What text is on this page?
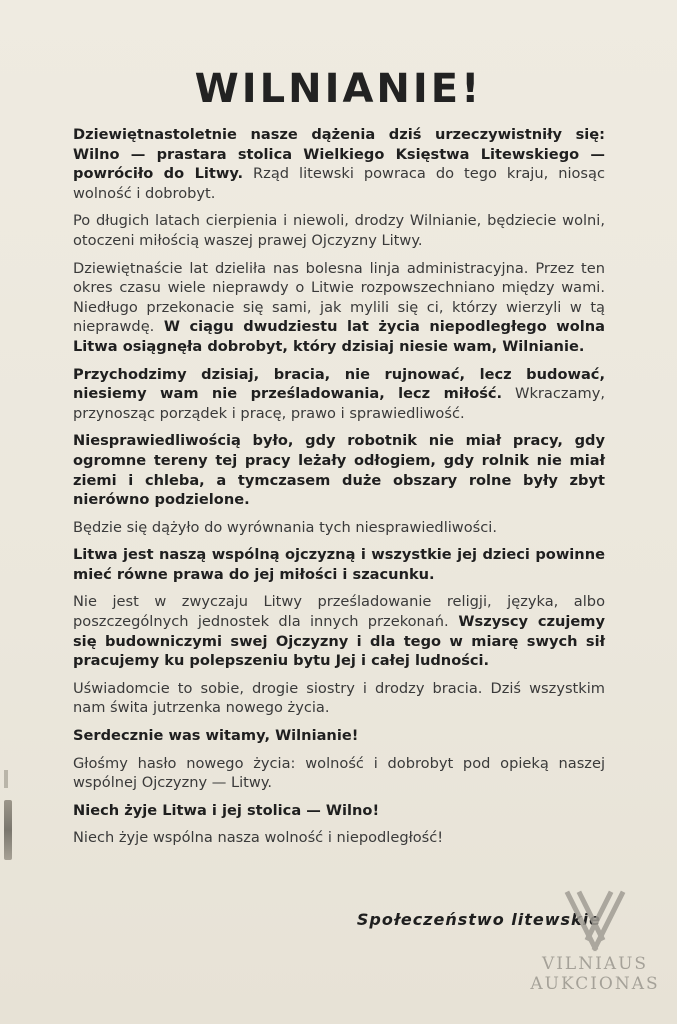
WILNIANIE!

Dziewiętnastoletnie nasze dążenia dziś urzeczywistniły się: Wilno — prastara stolica Wielkiego Księstwa Litewskiego — powróciło do Litwy. Rząd litewski powraca do tego kraju, niosąc wolność i dobrobyt.

Po długich latach cierpienia i niewoli, drodzy Wilnianie, będziecie wolni, otoczeni miłością waszej prawej Ojczyzny Litwy.

Dziewiętnaście lat dzieliła nas bolesna linja administracyjna. Przez ten okres czasu wiele nieprawdy o Litwie rozpowszechniano między wami. Niedługo przekonacie się sami, jak mylili się ci, którzy wierzyli w tą nieprawdę. W ciągu dwudziestu lat życia niepodległego wolna Litwa osiągnęła dobrobyt, który dzisiaj niesie wam, Wilnianie.

Przychodzimy dzisiaj, bracia, nie rujnować, lecz budować, niesiemy wam nie prześladowania, lecz miłość. Wkraczamy, przynosząc porządek i pracę, prawo i sprawiedliwość.

Niesprawiedliwością było, gdy robotnik nie miał pracy, gdy ogromne tereny tej pracy leżały odłogiem, gdy rolnik nie miał ziemi i chleba, a tymczasem duże obszary rolne były zbyt nierówno podzielone.

Będzie się dążyło do wyrównania tych niesprawiedliwości.

Litwa jest naszą wspólną ojczyzną i wszystkie jej dzieci powinne mieć równe prawa do jej miłości i szacunku.

Nie jest w zwyczaju Litwy prześladowanie religji, języka, albo poszczególnych jednostek dla innych przekonań. Wszyscy czujemy się budowniczymi swej Ojczyzny i dla tego w miarę swych sił pracujemy ku polepszeniu bytu Jej i całej ludności.

Uświadomcie to sobie, drogie siostry i drodzy bracia. Dziś wszystkim nam świta jutrzenka nowego życia.

Serdecznie was witamy, Wilnianie!

Głośmy hasło nowego życia: wolność i dobrobyt pod opieką naszej wspólnej Ojczyzny — Litwy.

Niech żyje Litwa i jej stolica — Wilno!

Niech żyje wspólna nasza wolność i niepodległość!

Społeczeństwo litewskie
VILNIAUS
AUKCIONAS
